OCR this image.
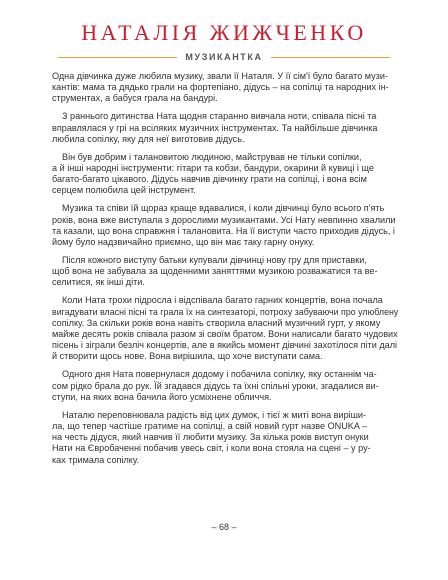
НАТАЛІЯ ЖИЖЧЕНКО
МУЗИКАНТКА

Одна дівчинка дуже любила музику, звали її Наталя. У її сім'ї було багато музи-
кантів: мама та дядько грали на фортепіано, дідусь – на сопілці та народних ін-
струментах, а бабуся грала на бандурі.

З раннього дитинства Ната щодня старанно вивчала ноти, співала пісні та
вправлялася у грі на всіляких музичних інструментах. Та найбільше дівчинка
любила сопілку, яку для неї виготовив дідусь.

Він був добрим і талановитою людиною, майстрував не тільки сопілки,
а й інші народні інструменти: гітари та кобзи, бандури, окарини й кувиці і ще
багато-багато цікавого. Дідусь навчив дівчинку грати на сопілці, і вона всім
серцем полюбила цей інструмент.

Музика та співи їй щораз краще вдавалися, і коли дівчинці було всього п'ять
років, вона вже виступала з дорослими музикантами. Усі Нату невпинно хвалили
та казали, що вона справжня і талановита. На її виступи часто приходив дідусь, і
йому було надзвичайно приємно, що він має таку гарну онуку.

Після кожного виступу батьки купували дівчинці нову гру для приставки,
щоб вона не забувала за щоденними заняттями музикою розважатися та ве-
селитися, як інші діти.

Коли Ната трохи підросла і відспівала багато гарних концертів, вона почала
вигадувати власні пісні та грала їх на синтезаторі, потроху забуваючи про улюблену
сопілку. За скільки років вона навіть створила власний музичний гурт, у якому
майже десять років співала разом зі своїм братом. Вони написали багато чудових
пісень і зіграли безліч концертів, але в якийсь момент дівчині захотілося піти далі
й створити щось нове. Вона вирішила, що хоче виступати сама.

Одного дня Ната повернулася додому і побачила сопілку, яку останнім ча-
сом рідко брала до рук. Їй згадався дідусь та їхні спільні уроки, згадалися ви-
ступи, на яких вона бачила його усміхнене обличчя.

Наталю переповнювала радість від цих думок, і тієї ж миті вона виріши-
ла, що тепер частіше гратиме на сопілці, а свій новий гурт назве ONUKA –
на честь дідуся, який навчив її любити музику. За кілька років виступ онуки
Нати на Євробаченні побачив увесь світ, і коли вона стояла на сцені – у ру-
ках тримала сопілку.

– 68 –
